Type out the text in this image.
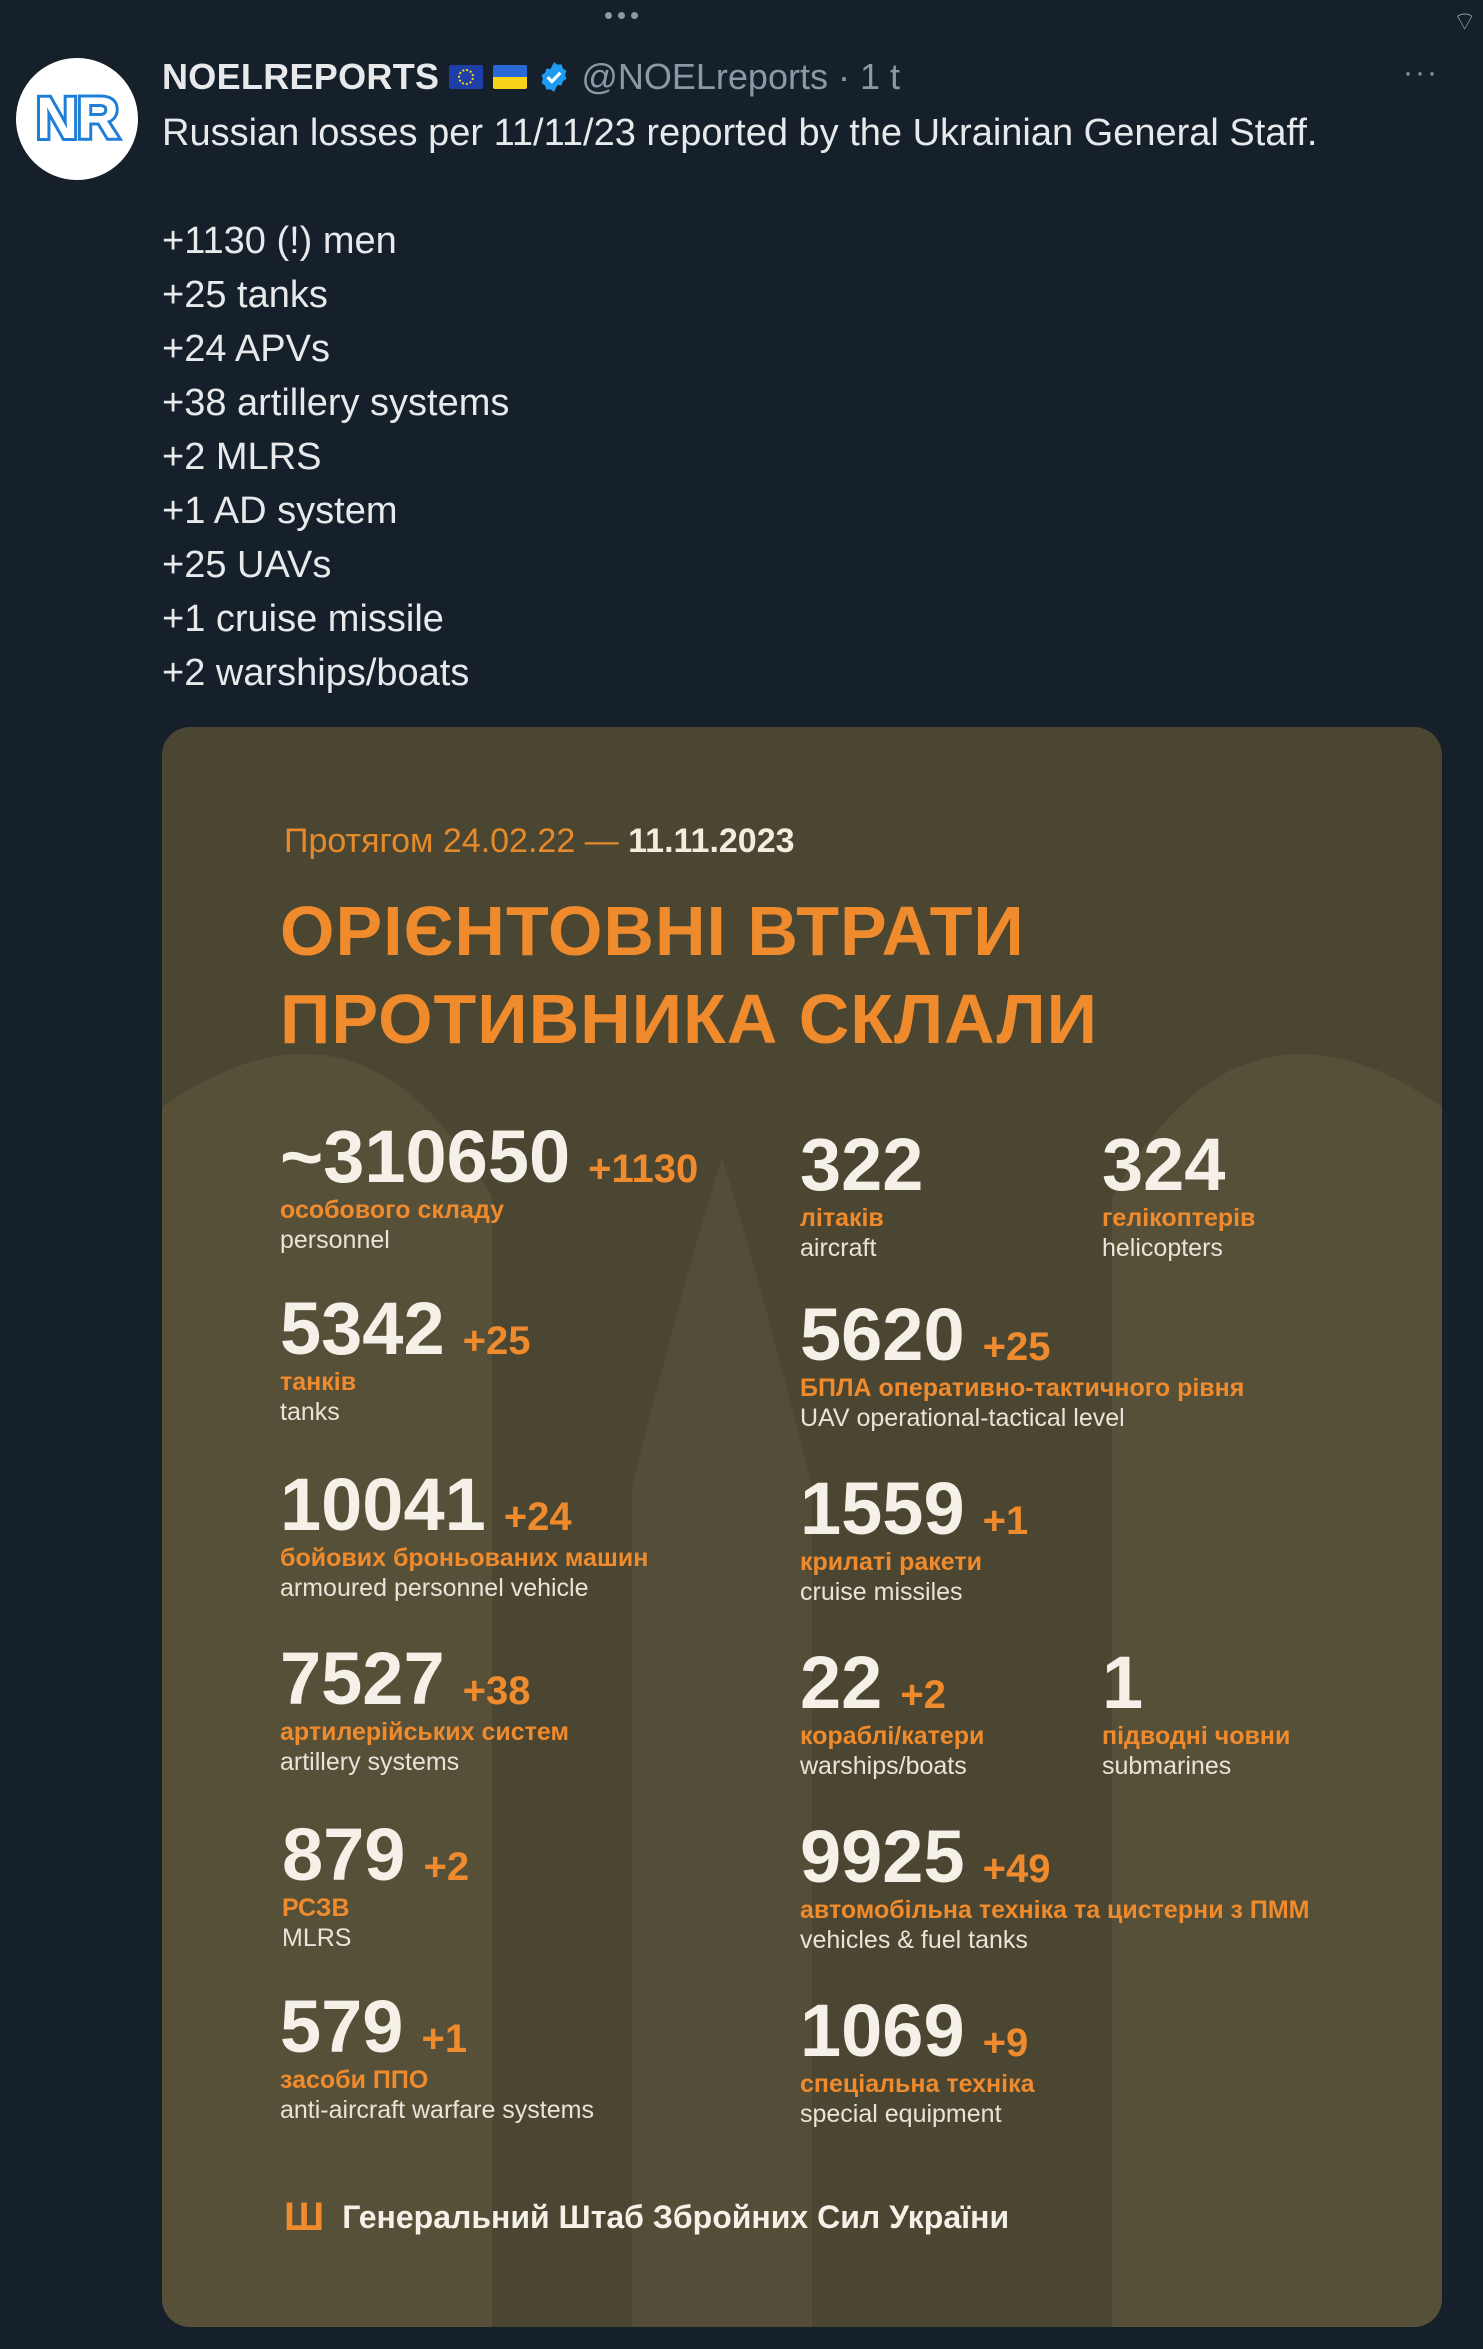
⌔
NR
NOELREPORTS	@NOELreports · 1 t	···
Russian losses per 11/11/23 reported by the Ukrainian General Staff.
+1130 (!) men
+25 tanks
+24 APVs
+38 artillery systems
+2 MLRS
+1 AD system
+25 UAVs
+1 cruise missile
+2 warships/boats
Протягом 24.02.22 — 11.11.2023
ОРІЄНТОВНІ ВТРАТИ
ПРОТИВНИКА СКЛАЛИ
~310650 +1130
особового складу
personnel
322
літаків
aircraft
324
гелікоптерів
helicopters
5342 +25
танків
tanks
5620 +25
БПЛА оперативно-тактичного рівня
UAV operational-tactical level
10041 +24
бойових броньованих машин
armoured personnel vehicle
1559 +1
крилаті ракети
cruise missiles
7527 +38
артилерійських систем
artillery systems
22 +2
кораблі/катери
warships/boats
1
підводні човни
submarines
879 +2
РСЗВ
MLRS
9925 +49
автомобільна техніка та цистерни з ПММ
vehicles & fuel tanks
579 +1
засоби ППО
anti-aircraft warfare systems
1069 +9
спеціальна техніка
special equipment
Ш Генеральний Штаб Збройних Сил України
